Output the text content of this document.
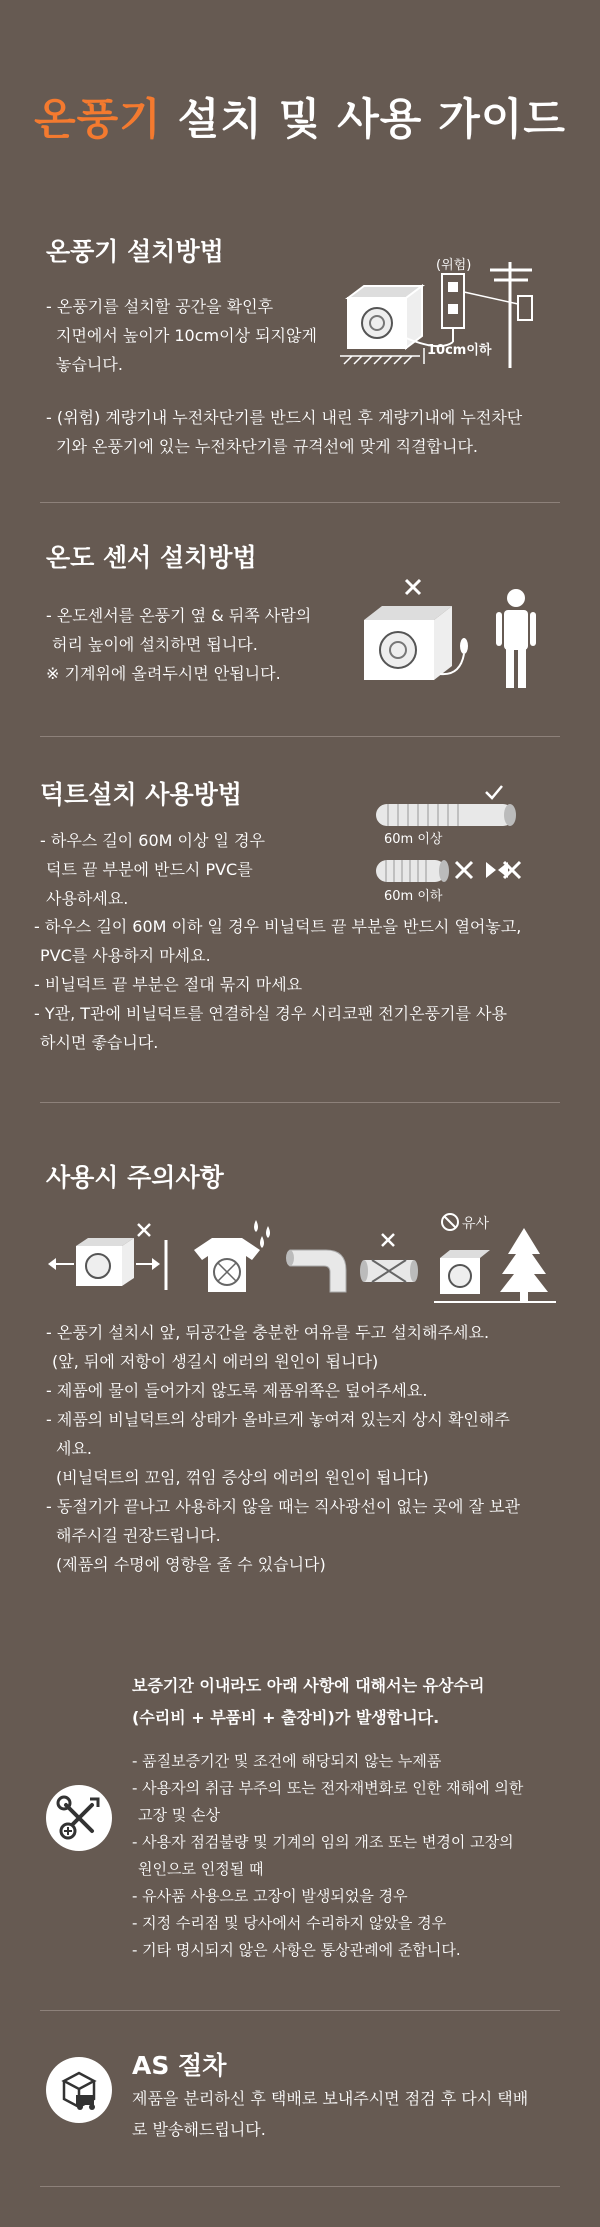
온풍기 설치 및 사용 가이드
온풍기 설치방법
- 온풍기를 설치할 공간을 확인후
지면에서 높이가 10cm이상 되지않게
놓습니다.
(위험)
10cm이하
- (위험) 계량기내 누전차단기를 반드시 내린 후 계량기내에 누전차단
기와 온풍기에 있는 누전차단기를 규격선에 맞게 직결합니다.
온도 센서 설치방법
- 온도센서를 온풍기 옆 & 뒤쪽 사람의
허리 높이에 설치하면 됩니다.
※ 기계위에 올려두시면 안됩니다.
덕트설치 사용방법
- 하우스 길이 60M 이상 일 경우
덕트 끝 부분에 반드시 PVC를
사용하세요.
60m 이상
60m 이하
- 하우스 길이 60M 이하 일 경우 비닐덕트 끝 부분을 반드시 열어놓고,
PVC를 사용하지 마세요.
- 비닐덕트 끝 부분은 절대 묶지 마세요
- Y관, T관에 비닐덕트를 연결하실 경우 시리코팬 전기온풍기를 사용
하시면 좋습니다.
사용시 주의사항
유사
- 온풍기 설치시 앞, 뒤공간을 충분한 여유를 두고 설치해주세요.
(앞, 뒤에 저항이 생길시 에러의 원인이 됩니다)
- 제품에 물이 들어가지 않도록 제품위쪽은 덮어주세요.
- 제품의 비닐덕트의 상태가 올바르게 놓여져 있는지 상시 확인해주
세요.
(비닐덕트의 꼬임, 꺾임 증상의 에러의 원인이 됩니다)
- 동절기가 끝나고 사용하지 않을 때는 직사광선이 없는 곳에 잘 보관
해주시길 권장드립니다.
(제품의 수명에 영향을 줄 수 있습니다)
보증기간 이내라도 아래 사항에 대해서는 유상수리
(수리비 + 부품비 + 출장비)가 발생합니다.
- 품질보증기간 및 조건에 해당되지 않는 누제품
- 사용자의 취급 부주의 또는 전자재변화로 인한 재해에 의한
고장 및 손상
- 사용자 점검불량 및 기계의 임의 개조 또는 변경이 고장의
원인으로 인정될 때
- 유사품 사용으로 고장이 발생되었을 경우
- 지정 수리점 및 당사에서 수리하지 않았을 경우
- 기타 명시되지 않은 사항은 통상관례에 준합니다.
AS 절차
제품을 분리하신 후 택배로 보내주시면 점검 후 다시 택배
로 발송해드립니다.
